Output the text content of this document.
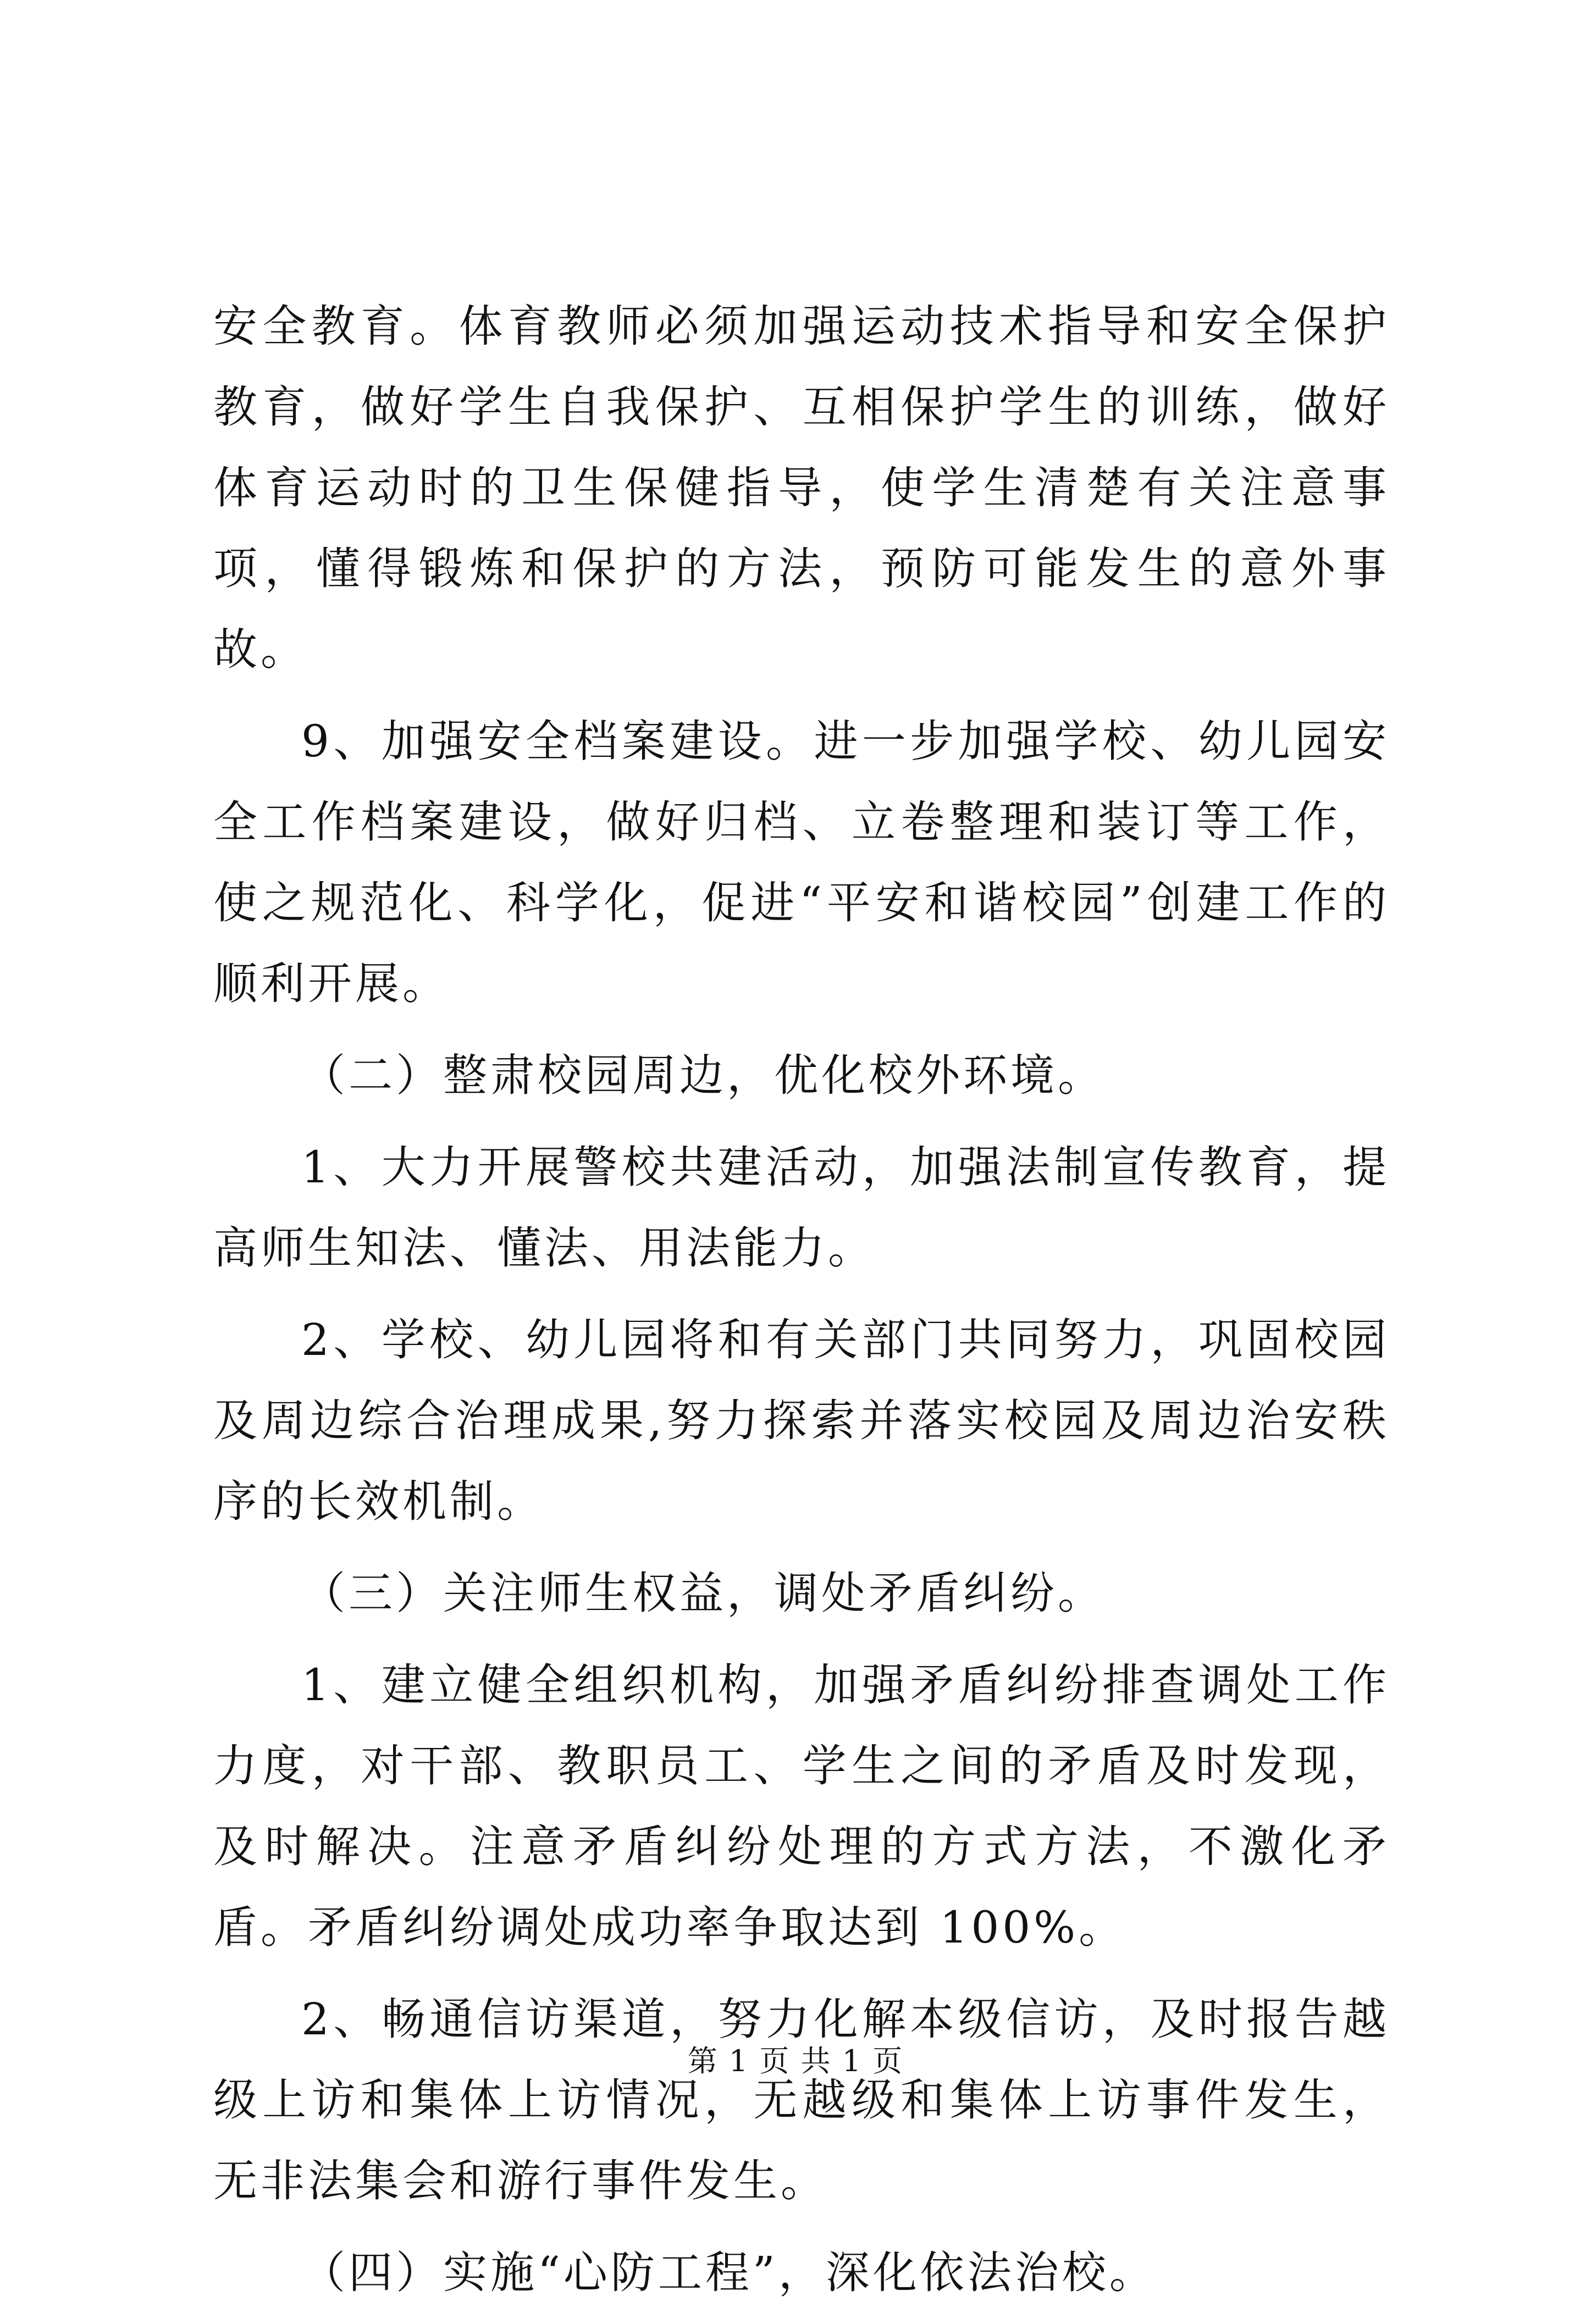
安全教育。体育教师必须加强运动技术指导和安全保护教育，做好学生自我保护、互相保护学生的训练，做好体育运动时的卫生保健指导，使学生清楚有关注意事项，懂得锻炼和保护的方法，预防可能发生的意外事故。

9、加强安全档案建设。进一步加强学校、幼儿园安全工作档案建设，做好归档、立卷整理和装订等工作，使之规范化、科学化，促进“平安和谐校园”创建工作的顺利开展。

（二）整肃校园周边，优化校外环境。

1、大力开展警校共建活动，加强法制宣传教育，提高师生知法、懂法、用法能力。

2、学校、幼儿园将和有关部门共同努力，巩固校园及周边综合治理成果,努力探索并落实校园及周边治安秩序的长效机制。

（三）关注师生权益，调处矛盾纠纷。

1、建立健全组织机构，加强矛盾纠纷排查调处工作力度，对干部、教职员工、学生之间的矛盾及时发现，及时解决。注意矛盾纠纷处理的方式方法，不激化矛盾。矛盾纠纷调处成功率争取达到 100%。

2、畅通信访渠道，努力化解本级信访，及时报告越级上访和集体上访情况，无越级和集体上访事件发生，无非法集会和游行事件发生。

（四）实施“心防工程”，深化依法治校。

第 1 页 共 1 页
